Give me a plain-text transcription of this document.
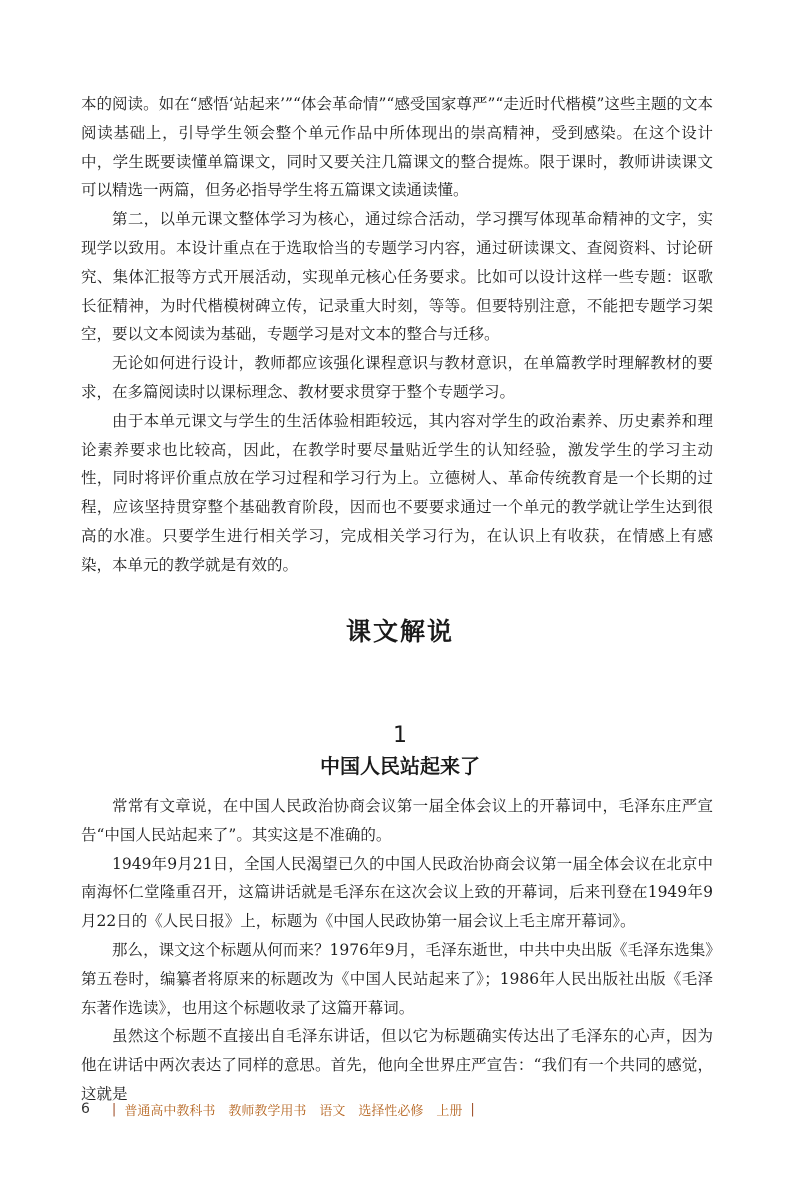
本的阅读。如在“感悟‘站起来’”“体会革命情”“感受国家尊严”“走近时代楷模”这些主题的文本阅读基础上，引导学生领会整个单元作品中所体现出的崇高精神，受到感染。在这个设计中，学生既要读懂单篇课文，同时又要关注几篇课文的整合提炼。限于课时，教师讲读课文可以精选一两篇，但务必指导学生将五篇课文读通读懂。

第二，以单元课文整体学习为核心，通过综合活动，学习撰写体现革命精神的文字，实现学以致用。本设计重点在于选取恰当的专题学习内容，通过研读课文、查阅资料、讨论研究、集体汇报等方式开展活动，实现单元核心任务要求。比如可以设计这样一些专题：讴歌长征精神，为时代楷模树碑立传，记录重大时刻，等等。但要特别注意，不能把专题学习架空，要以文本阅读为基础，专题学习是对文本的整合与迁移。

无论如何进行设计，教师都应该强化课程意识与教材意识，在单篇教学时理解教材的要求，在多篇阅读时以课标理念、教材要求贯穿于整个专题学习。

由于本单元课文与学生的生活体验相距较远，其内容对学生的政治素养、历史素养和理论素养要求也比较高，因此，在教学时要尽量贴近学生的认知经验，激发学生的学习主动性，同时将评价重点放在学习过程和学习行为上。立德树人、革命传统教育是一个长期的过程，应该坚持贯穿整个基础教育阶段，因而也不要要求通过一个单元的教学就让学生达到很高的水准。只要学生进行相关学习，完成相关学习行为，在认识上有收获，在情感上有感染，本单元的教学就是有效的。

课文解说
1
中国人民站起来了

常常有文章说，在中国人民政治协商会议第一届全体会议上的开幕词中，毛泽东庄严宣告“中国人民站起来了”。其实这是不准确的。

1949年9月21日，全国人民渴望已久的中国人民政治协商会议第一届全体会议在北京中南海怀仁堂隆重召开，这篇讲话就是毛泽东在这次会议上致的开幕词，后来刊登在1949年9月22日的《人民日报》上，标题为《中国人民政协第一届会议上毛主席开幕词》。

那么，课文这个标题从何而来？1976年9月，毛泽东逝世，中共中央出版《毛泽东选集》第五卷时，编纂者将原来的标题改为《中国人民站起来了》；1986年人民出版社出版《毛泽东著作选读》，也用这个标题收录了这篇开幕词。

虽然这个标题不直接出自毛泽东讲话，但以它为标题确实传达出了毛泽东的心声，因为他在讲话中两次表达了同样的意思。首先，他向全世界庄严宣告：“我们有一个共同的感觉，这就是

6 | 普通高中教科书　教师教学用书　语文　选择性必修　上册 |
